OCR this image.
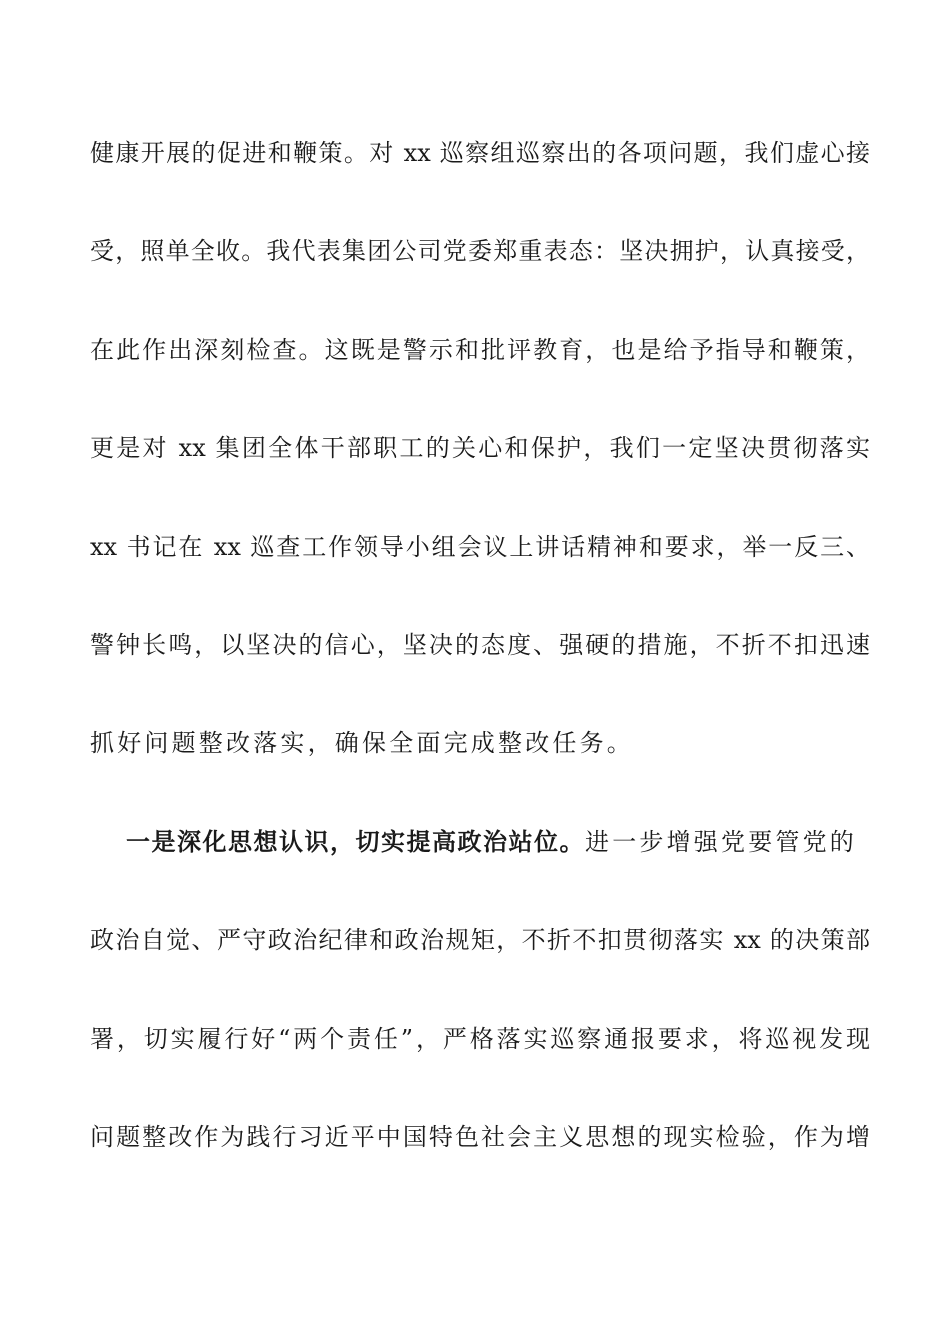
健康开展的促进和鞭策。对 xx 巡察组巡察出的各项问题，我们虚心接
受，照单全收。我代表集团公司党委郑重表态：坚决拥护，认真接受，
在此作出深刻检查。这既是警示和批评教育，也是给予指导和鞭策，
更是对 xx 集团全体干部职工的关心和保护，我们一定坚决贯彻落实
xx 书记在 xx 巡查工作领导小组会议上讲话精神和要求，举一反三、
警钟长鸣，以坚决的信心，坚决的态度、强硬的措施，不折不扣迅速
抓好问题整改落实，确保全面完成整改任务。
一是深化思想认识，切实提高政治站位。进一步增强党要管党的
政治自觉、严守政治纪律和政治规矩，不折不扣贯彻落实 xx 的决策部
署，切实履行好“两个责任”，严格落实巡察通报要求，将巡视发现
问题整改作为践行习近平中国特色社会主义思想的现实检验，作为增
